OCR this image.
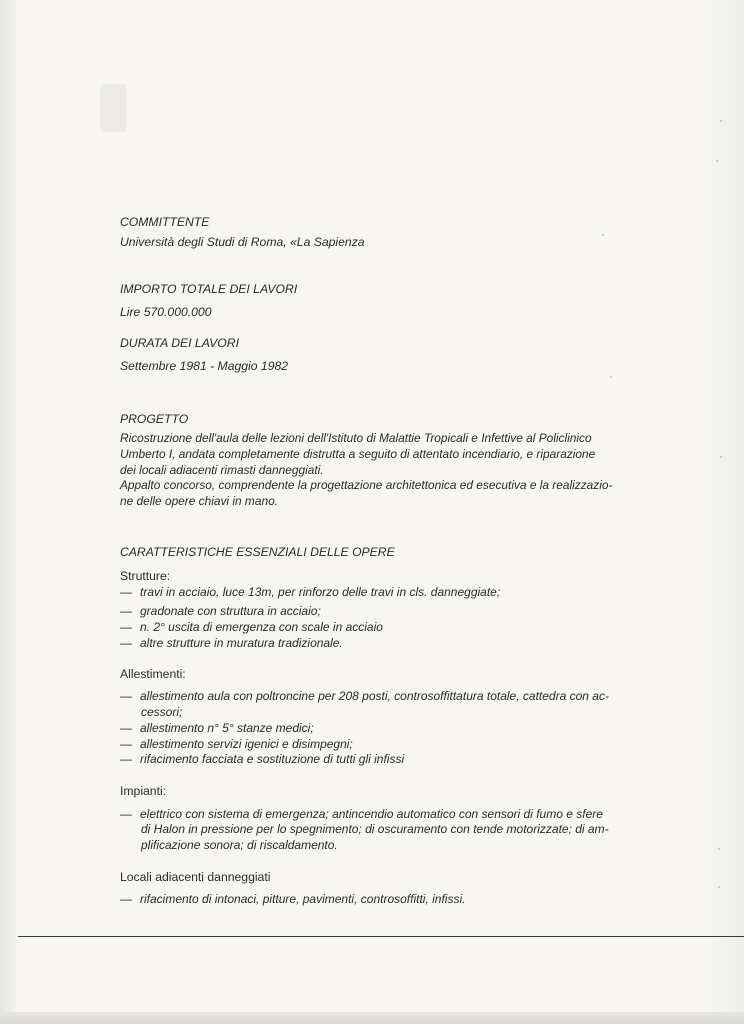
COMMITTENTE
Università degli Studi di Roma, «La Sapienza
IMPORTO TOTALE DEI LAVORI
Lire 570.000.000
DURATA DEI LAVORI
Settembre 1981 - Maggio 1982
PROGETTO
Ricostruzione dell'aula delle lezioni dell'Istituto di Malattie Tropicali e Infettive al Policlinico
Umberto I, andata completamente distrutta a seguito di attentato incendiario, e riparazione
dei locali adiacenti rimasti danneggiati.
Appalto concorso, comprendente la progettazione architettonica ed esecutiva e la realizzazio-
ne delle opere chiavi in mano.
CARATTERISTICHE ESSENZIALI DELLE OPERE
Strutture:
— travi in acciaio, luce 13m, per rinforzo delle travi in cls. danneggiate;
— gradonate con struttura in acciaio;
— n. 2° uscita di emergenza con scale in acciaio
— altre strutture in muratura tradizionale.
Allestimenti:
— allestimento aula con poltroncine per 208 posti, controsoffittatura totale, cattedra con ac-
cessori;
— allestimento n° 5° stanze medici;
— allestimento servizi igenici e disimpegni;
— rifacimento facciata e sostituzione di tutti gli infissi
Impianti:
— elettrico con sistema di emergenza; antincendio automatico con sensori di fumo e sfere
di Halon in pressione per lo spegnimento; di oscuramento con tende motorizzate; di am-
plificazione sonora; di riscaldamento.
Locali adiacenti danneggiati
— rifacimento di intonaci, pitture, pavimenti, controsoffitti, infissi.
